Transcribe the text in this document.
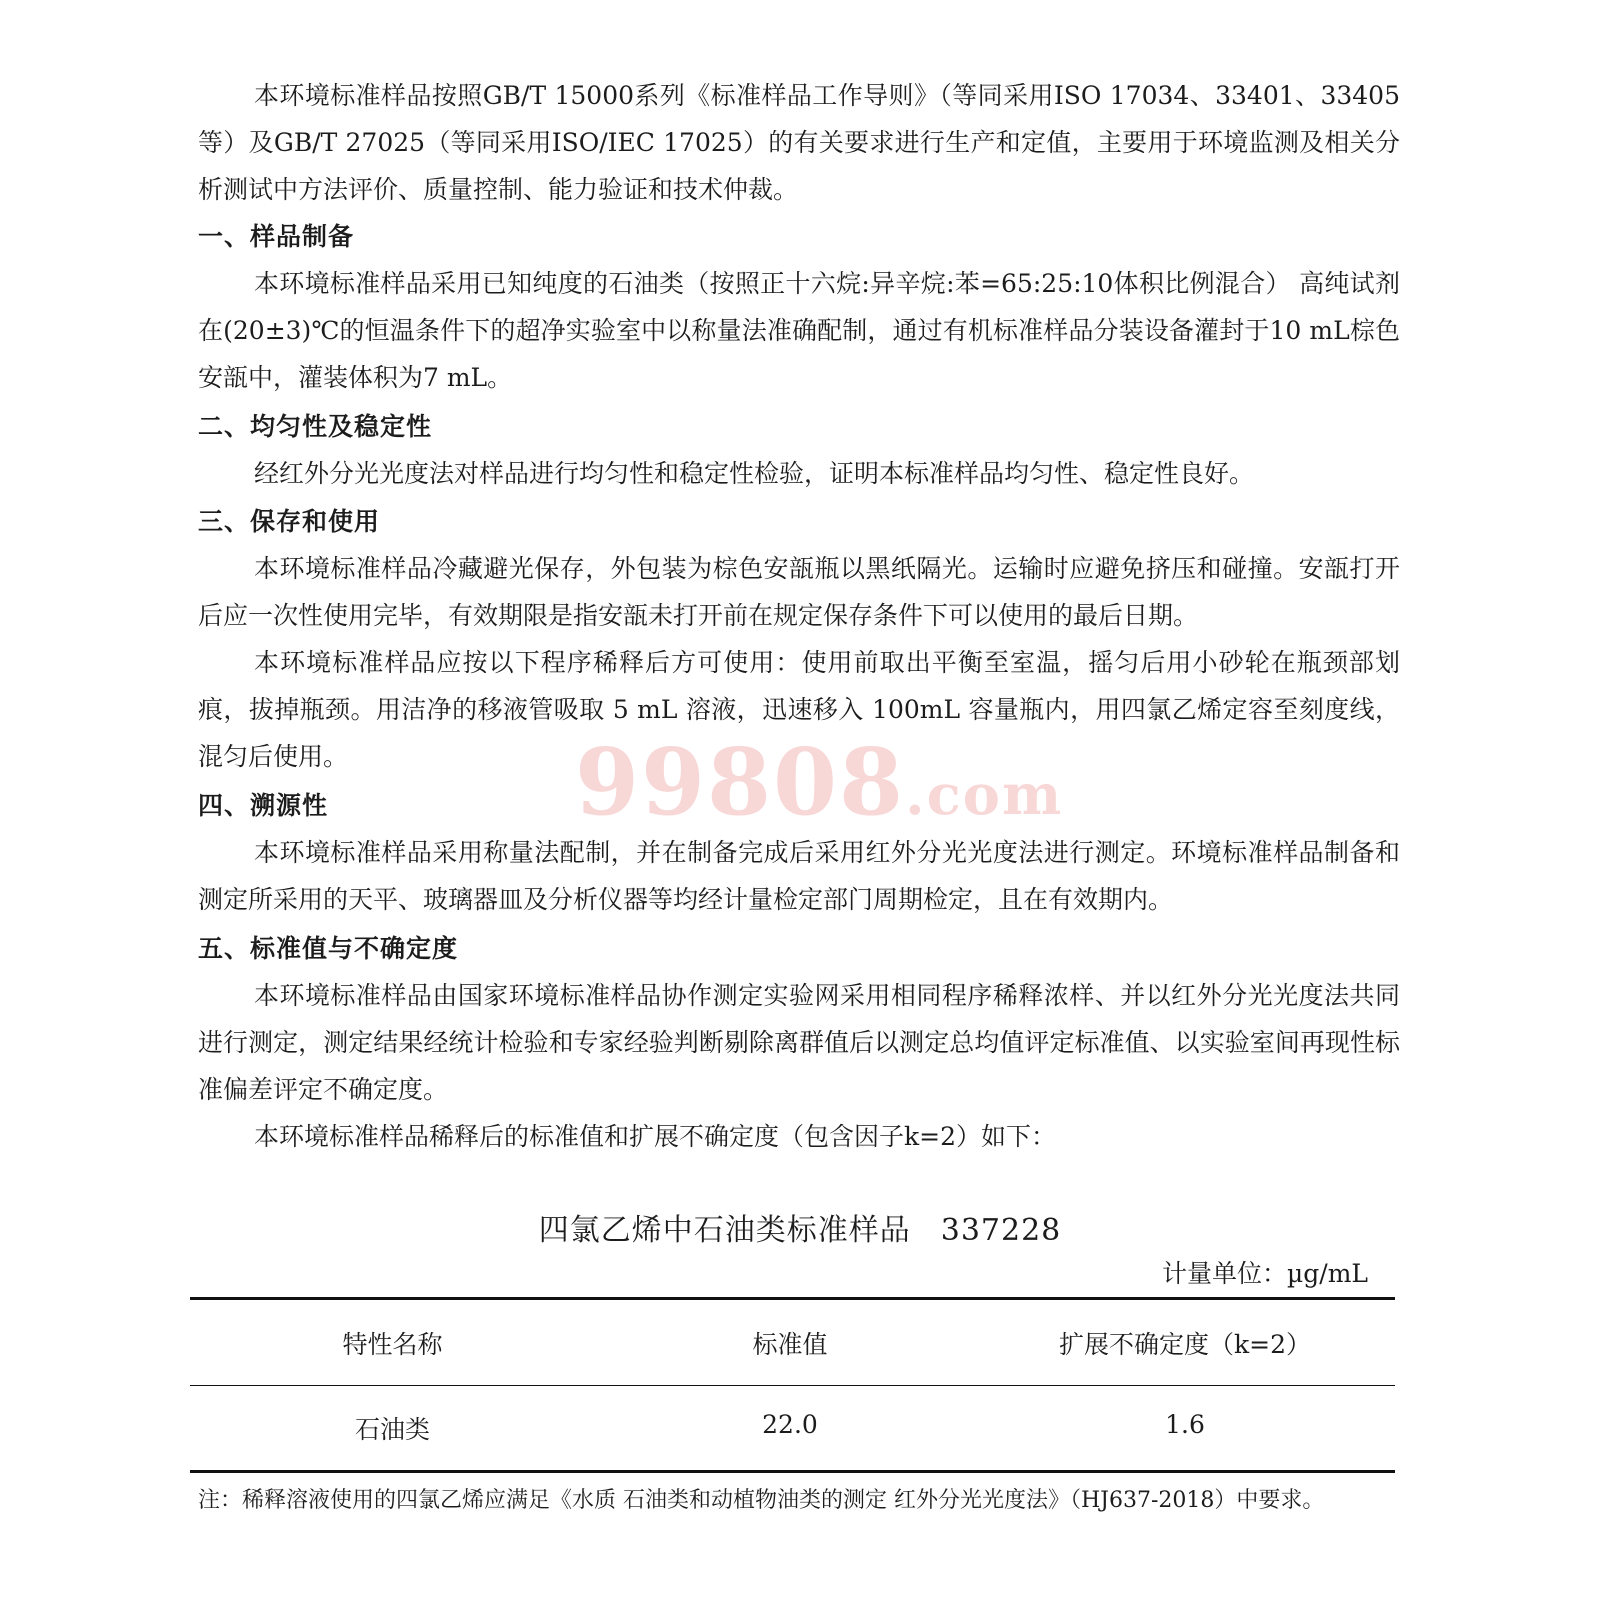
本环境标准样品按照GB/T 15000系列《标准样品工作导则》（等同采用ISO 17034、33401、33405等）及GB/T 27025（等同采用ISO/IEC 17025）的有关要求进行生产和定值，主要用于环境监测及相关分 析测试中方法评价、质量控制、能力验证和技术仲裁。

一、样品制备

本环境标准样品采用已知纯度的石油类（按照正十六烷:异辛烷:苯=65:25:10体积比例混合） 高纯试剂在(20±3)℃的恒温条件下的超净实验室中以称量法准确配制，通过有机标准样品分装设备灌封于10 mL棕色安瓿中，灌装体积为7 mL。

二、均匀性及稳定性

经红外分光光度法对样品进行均匀性和稳定性检验，证明本标准样品均匀性、稳定性良好。

三、保存和使用

本环境标准样品冷藏避光保存，外包装为棕色安瓿瓶以黑纸隔光。运输时应避免挤压和碰撞。安瓿打开后应一次性使用完毕，有效期限是指安瓿未打开前在规定保存条件下可以使用的最后日期。

本环境标准样品应按以下程序稀释后方可使用：使用前取出平衡至室温，摇匀后用小砂轮在瓶颈部划痕，拔掉瓶颈。用洁净的移液管吸取 5 mL 溶液，迅速移入 100mL 容量瓶内，用四氯乙烯定容至刻度线，混匀后使用。

四、溯源性

本环境标准样品采用称量法配制，并在制备完成后采用红外分光光度法进行测定。环境标准样品制备和测定所采用的天平、玻璃器皿及分析仪器等均经计量检定部门周期检定，且在有效期内。

五、标准值与不确定度

本环境标准样品由国家环境标准样品协作测定实验网采用相同程序稀释浓样、并以红外分光光度法共同进行测定，测定结果经统计检验和专家经验判断剔除离群值后以测定总均值评定标准值、以实验室间再现性标准偏差评定不确定度。

本环境标准样品稀释后的标准值和扩展不确定度（包含因子k=2）如下：

99808.com
四氯乙烯中石油类标准样品 337228
计量单位：µg/mL
特性名称	标准值	扩展不确定度（k=2）
石油类	22.0	1.6
注：稀释溶液使用的四氯乙烯应满足《水质 石油类和动植物油类的测定 红外分光光度法》（HJ637-2018）中要求。
